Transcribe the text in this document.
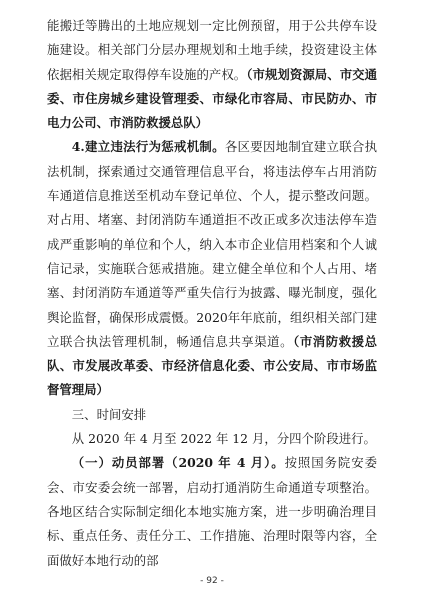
能搬迁等腾出的土地应规划一定比例预留，用于公共停车设施建设。相关部门分层办理规划和土地手续，投资建设主体依据相关规定取得停车设施的产权。（市规划资源局、市交通委、市住房城乡建设管理委、市绿化市容局、市民防办、市电力公司、市消防救援总队）

4.建立违法行为惩戒机制。各区要因地制宜建立联合执法机制，探索通过交通管理信息平台，将违法停车占用消防车通道信息推送至机动车登记单位、个人，提示整改问题。对占用、堵塞、封闭消防车通道拒不改正或多次违法停车造成严重影响的单位和个人，纳入本市企业信用档案和个人诚信记录，实施联合惩戒措施。建立健全单位和个人占用、堵塞、封闭消防车通道等严重失信行为披露、曝光制度，强化舆论监督，确保形成震慑。2020年年底前，组织相关部门建立联合执法管理机制，畅通信息共享渠道。（市消防救援总队、市发展改革委、市经济信息化委、市公安局、市市场监督管理局）

三、时间安排

从 2020 年 4 月至 2022 年 12 月，分四个阶段进行。

（一）动员部署（2020 年 4 月）。按照国务院安委会、市安委会统一部署，启动打通消防生命通道专项整治。各地区结合实际制定细化本地实施方案，进一步明确治理目标、重点任务、责任分工、工作措施、治理时限等内容，全面做好本地行动的部

- 92 -
